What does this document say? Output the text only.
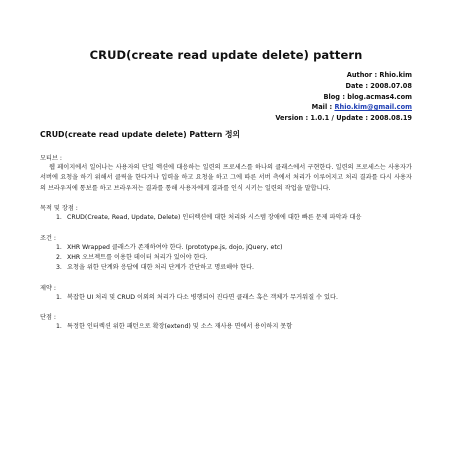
CRUD(create read update delete) pattern
Author : Rhio.kim
Date : 2008.07.08
Blog : blog.acmas4.com
Mail : Rhio.kim@gmail.com
Version : 1.0.1 / Update : 2008.08.19
CRUD(create read update delete) Pattern 정의
모티브 :
웹 페이지에서 일어나는 사용자의 단일 액션에 대응하는 일련의 프로세스를 하나의 클래스에서 구현한다. 일련의 프로세스는 사용자가 서버에 요청을 하기 위해서 클릭을 한다거나 입력을 하고 요청을 하고 그에 따른 서버 측에서 처리가 이루어지고 처리 결과를 다시 사용자의 브라우저에 통보를 하고 브라우저는 결과를 통해 사용자에게 결과를 인식 시키는 일련의 작업을 말합니다.
목적 및 장점 :
1. CRUD(Create, Read, Update, Delete) 인터렉션에 대한 처리와 시스템 장애에 대한 빠른 문제 파악과 대응
조건 :
1. XHR Wrapped 클래스가 존재하여야 한다. (prototype.js, dojo, jQuery, etc)
2. XHR 오브젝트를 이용한 데이터 처리가 있어야 한다.
3. 요청을 위한 단계와 응답에 대한 처리 단계가 간단하고 명료해야 한다.
제약 :
1. 복잡한 UI 처리 및 CRUD 이외의 처리가 다소 병행되어 진다면 클래스 혹은 객체가 무거워질 수 있다.
단점 :
1. 특정한 인터렉션 위한 패턴으로 확장(extend) 및 소스 재사용 면에서 용이하지 못함
